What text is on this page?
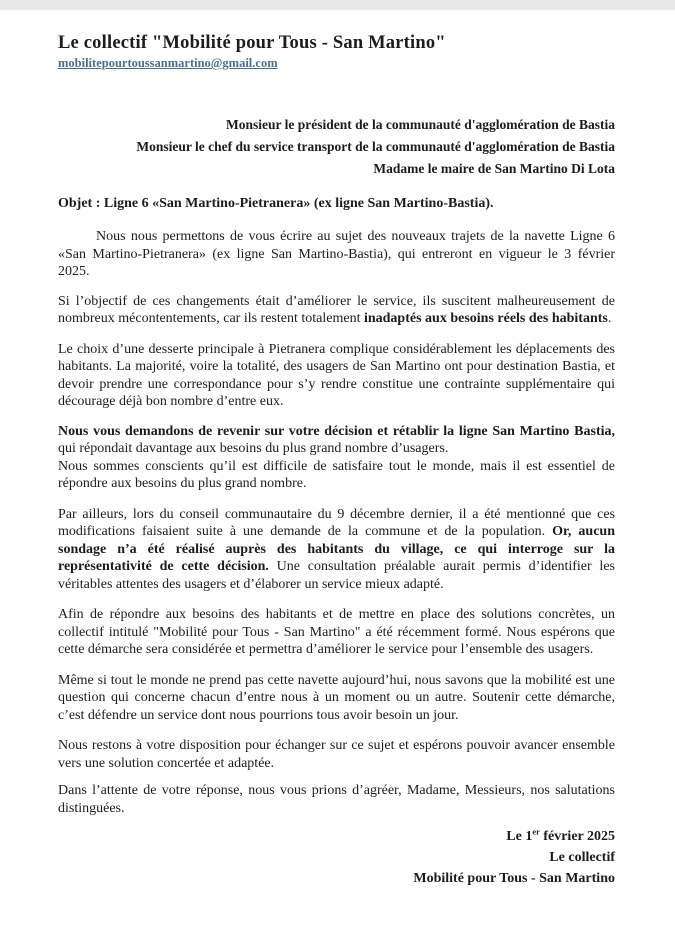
Le collectif "Mobilité pour Tous - San Martino"
mobilitepourtoussanmartino@gmail.com
Monsieur le président de la communauté d'agglomération de Bastia
Monsieur le chef du service transport de la communauté d'agglomération de Bastia
Madame le maire de San Martino Di Lota
Objet : Ligne 6 «San Martino-Pietranera» (ex ligne San Martino-Bastia).

Nous nous permettons de vous écrire au sujet des nouveaux trajets de la navette Ligne 6 «San Martino-Pietranera» (ex ligne San Martino-Bastia), qui entreront en vigueur le 3 février 2025.

Si l’objectif de ces changements était d’améliorer le service, ils suscitent malheureusement de nombreux mécontentements, car ils restent totalement inadaptés aux besoins réels des habitants.

Le choix d’une desserte principale à Pietranera complique considérablement les déplacements des habitants. La majorité, voire la totalité, des usagers de San Martino ont pour destination Bastia, et devoir prendre une correspondance pour s’y rendre constitue une contrainte supplémentaire qui décourage déjà bon nombre d’entre eux.

Nous vous demandons de revenir sur votre décision et rétablir la ligne San Martino Bastia, qui répondait davantage aux besoins du plus grand nombre d’usagers.
Nous sommes conscients qu’il est difficile de satisfaire tout le monde, mais il est essentiel de répondre aux besoins du plus grand nombre.

Par ailleurs, lors du conseil communautaire du 9 décembre dernier, il a été mentionné que ces modifications faisaient suite à une demande de la commune et de la population. Or, aucun sondage n’a été réalisé auprès des habitants du village, ce qui interroge sur la représentativité de cette décision. Une consultation préalable aurait permis d’identifier les véritables attentes des usagers et d’élaborer un service mieux adapté.

Afin de répondre aux besoins des habitants et de mettre en place des solutions concrètes, un collectif intitulé "Mobilité pour Tous - San Martino" a été récemment formé. Nous espérons que cette démarche sera considérée et permettra d’améliorer le service pour l’ensemble des usagers.

Même si tout le monde ne prend pas cette navette aujourd’hui, nous savons que la mobilité est une question qui concerne chacun d’entre nous à un moment ou un autre. Soutenir cette démarche, c’est défendre un service dont nous pourrions tous avoir besoin un jour.

Nous restons à votre disposition pour échanger sur ce sujet et espérons pouvoir avancer ensemble vers une solution concertée et adaptée.

Dans l’attente de votre réponse, nous vous prions d’agréer, Madame, Messieurs, nos salutations distinguées.

Le 1er février 2025
Le collectif
Mobilité pour Tous - San Martino
